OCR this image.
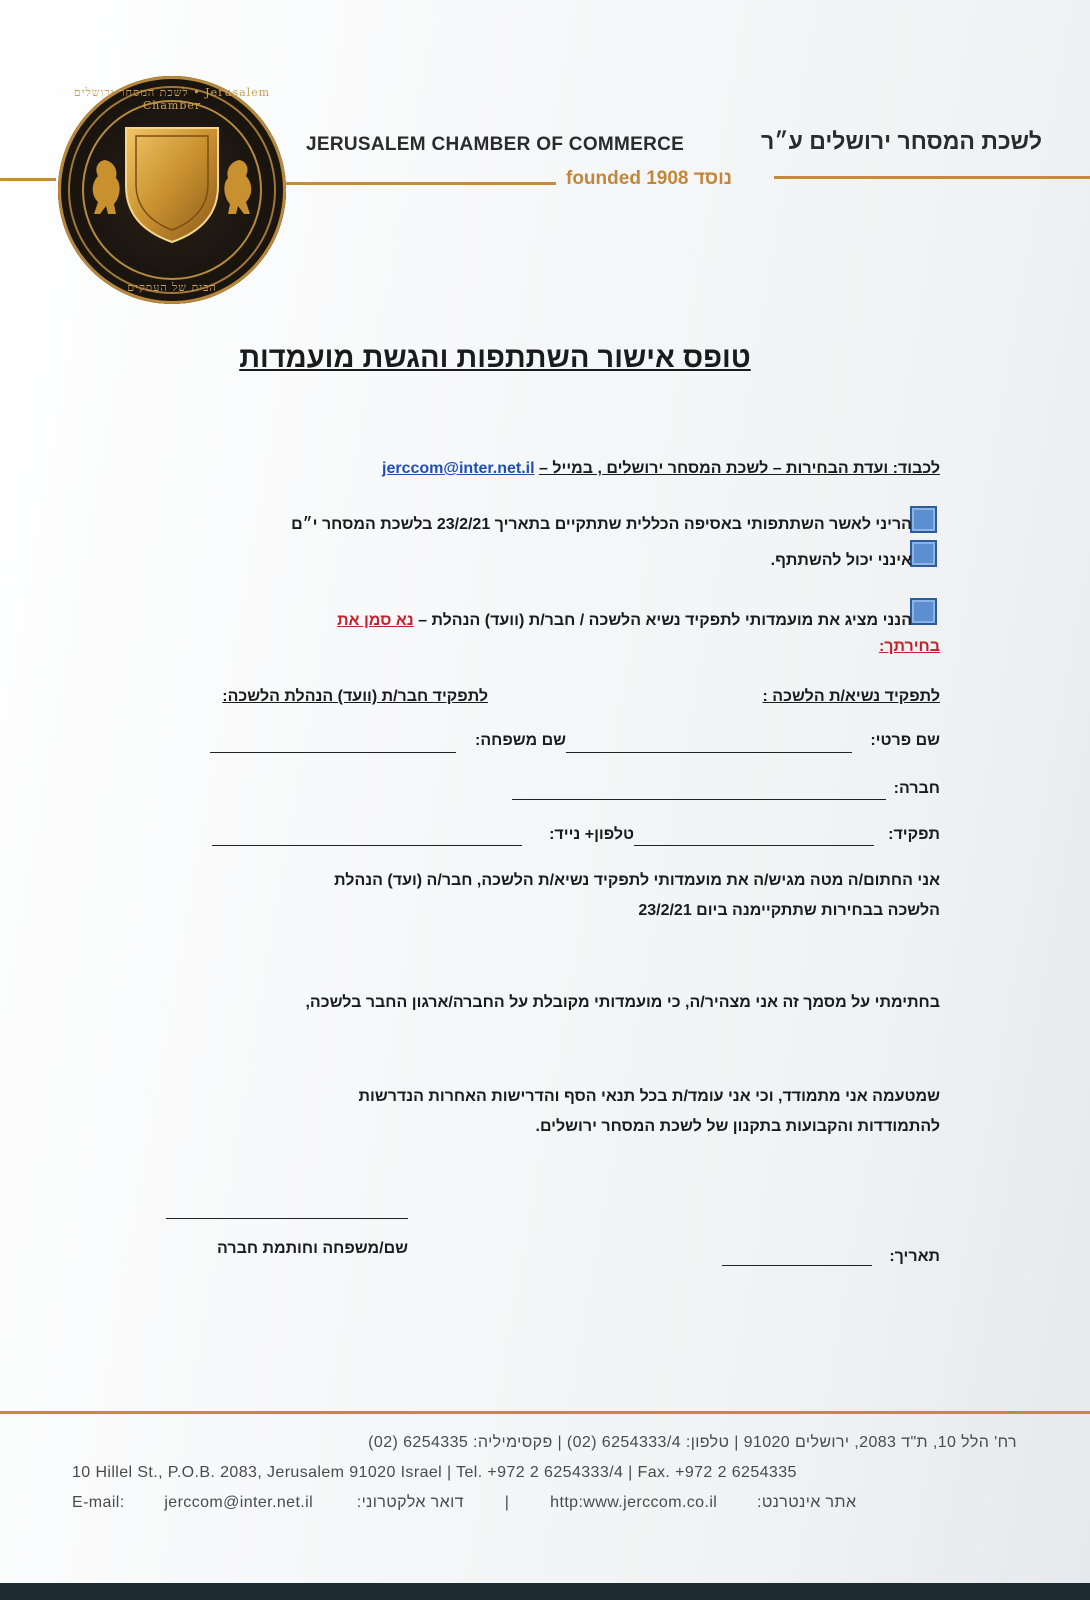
לשכת המסחר ירושלים • Jerusalem Chamber
הבית של העסקים
JERUSALEM CHAMBER OF COMMERCE	לשכת המסחר ירושלים ע״ר
founded 1908 נוסד
טופס אישור השתתפות והגשת מועמדות
לכבוד: ועדת הבחירות – לשכת המסחר ירושלים , במייל – jerccom@inter.net.il
הריני לאשר השתתפותי באסיפה הכללית שתתקיים בתאריך 23/2/21 בלשכת המסחר י״ם
אינני יכול להשתתף.
הנני מציג את מועמדותי לתפקיד נשיא הלשכה / חבר/ת (וועד) הנהלת – נא סמן את
בחירתך:
לתפקיד נשיא/ת הלשכה :
לתפקיד חבר/ת (וועד) הנהלת הלשכה:
שם פרטי:
שם משפחה:
חברה:
תפקיד:
טלפון+ נייד:
אני החתום/ה מטה מגיש/ה את מועמדותי לתפקיד נשיא/ת הלשכה, חבר/ה (ועד) הנהלת
הלשכה בבחירות שתתקיימנה ביום 23/2/21
בחתימתי על מסמך זה אני מצהיר/ה, כי מועמדותי מקובלת על החברה/ארגון החבר בלשכה,
שמטעמה אני מתמודד, וכי אני עומד/ת בכל תנאי הסף והדרישות האחרות הנדרשות
להתמודדות והקבועות בתקנון של לשכת המסחר ירושלים.
שם/משפחה וחותמת חברה	תאריך:
רח' הלל 10, ת"ד 2083, ירושלים 91020 | טלפון: 6254333/4 (02) | פקסימיליה: 6254335 (02)
10 Hillel St., P.O.B. 2083, Jerusalem 91020 Israel | Tel. +972 2 6254333/4 | Fax. +972 2 6254335
E-mail: jerccom@inter.net.il	דואר אלקטרוני:	|	http:www.jerccom.co.il אתר אינטרנט:
